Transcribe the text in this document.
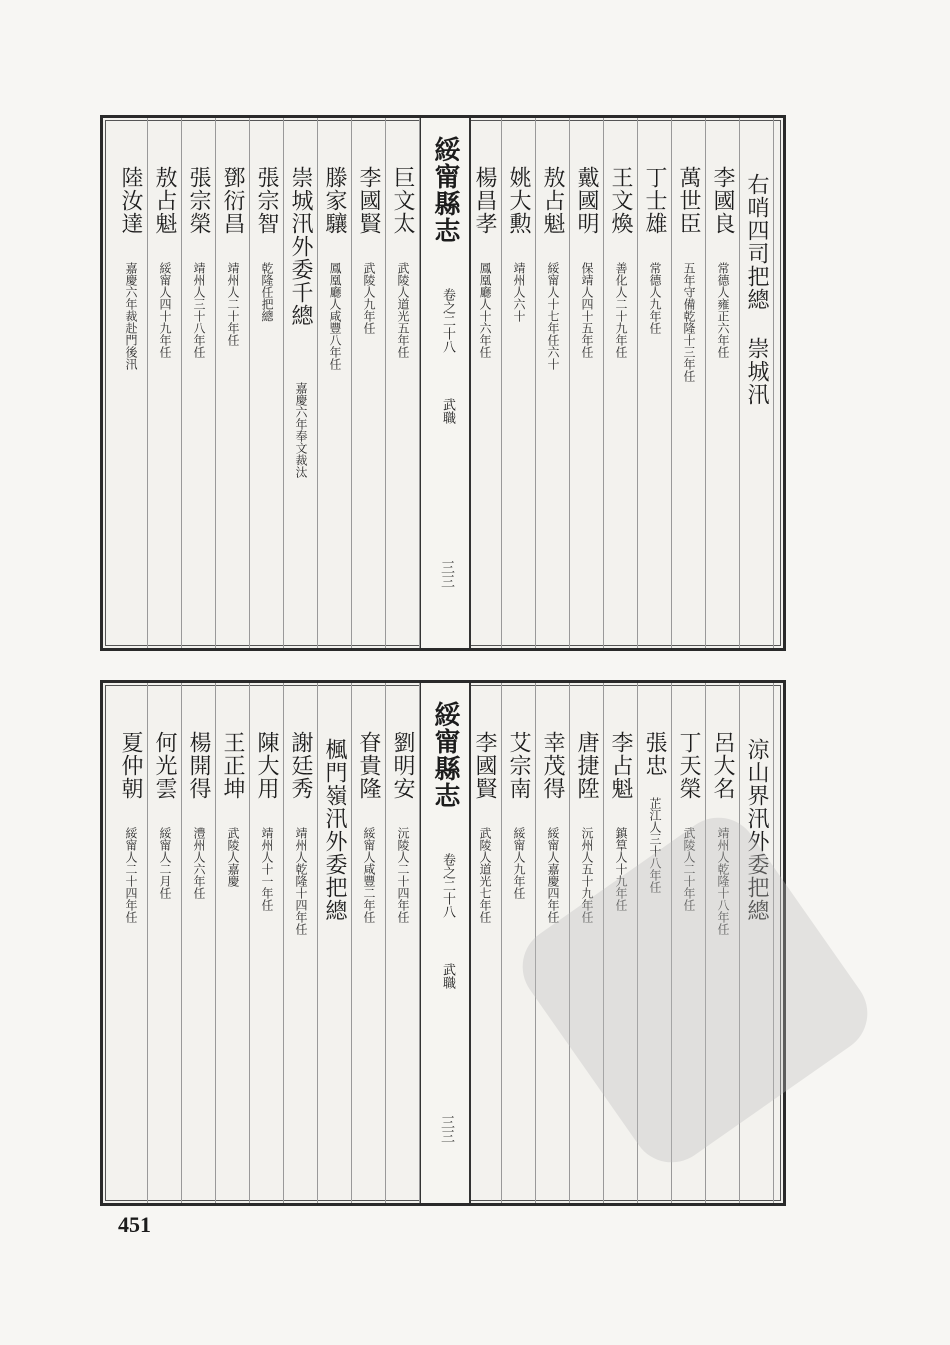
右哨四司把總 崇城汛
李國良
常德人雍正六年任
萬世臣
五年守備乾隆十三年任
丁士雄
常德人九年任
王文煥
善化人二十九年任
戴國明
保靖人四十五年任
敖占魁
綏甯人十七年任六十
姚大勲
靖州人六十
楊昌孝
鳳凰廳人十六年任
綏甯縣志
卷之二十八
武職
三三
巨文太
武陵人道光五年任
李國賢
武陵人九年任
滕家驤
鳳凰廳人咸豐八年任
崇城汛外委千總
嘉慶六年奉文裁汰
張宗智
乾隆任把總
鄧衍昌
靖州人二十年任
張宗榮
靖州人三十八年任
敖占魁
綏甯人四十九年任
陸汝達
嘉慶六年裁赴門後汛
涼山界汛外委把總
呂大名
靖州人乾隆十八年任
丁天榮
武陵人二十年任
張忠
芷江人三十八年任
李占魁
鎮筸人十九年任
唐捷陞
沅州人五十九年任
幸茂得
綏甯人嘉慶四年任
艾宗南
綏甯人九年任
李國賢
武陵人道光七年任
綏甯縣志
卷之二十八
武職
三三
劉明安
沅陵人二十四年任
眘貴隆
綏甯人咸豐二年任
楓門嶺汛外委把總
謝廷秀
靖州人乾隆十四年任
陳大用
靖州人十一年任
王正坤
武陵人嘉慶
楊開得
澧州人六年任
何光雲
綏甯人二月任
夏仲朝
綏甯人二十四年任
451
